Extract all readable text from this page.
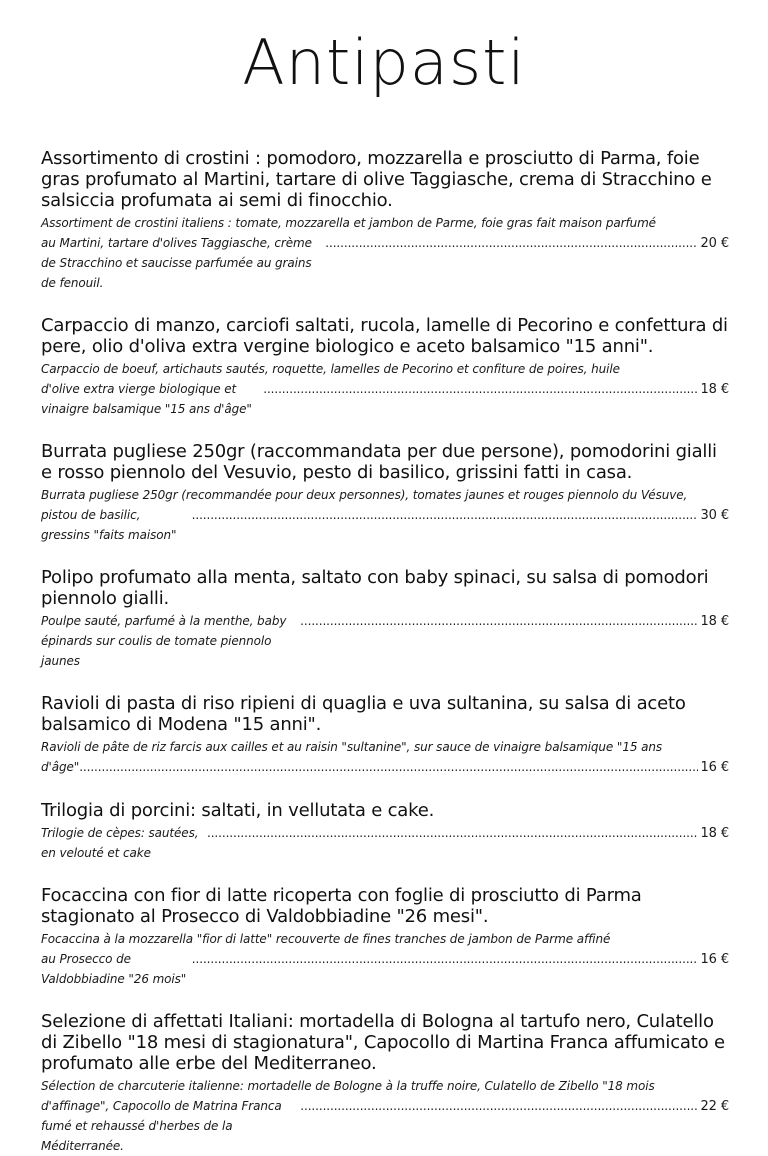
Antipasti

Assortimento di crostini : pomodoro, mozzarella e prosciutto di Parma, foie gras profumato al Martini, tartare di olive Taggiasche, crema di Stracchino e salsiccia profumata ai semi di finocchio.

Assortiment de crostini italiens : tomate, mozzarella et jambon de Parme, foie gras fait maison parfumé

au Martini, tartare d'olives Taggiasche, crème de Stracchino et saucisse parfumée au grains de fenouil.
.....
20 €

Carpaccio di manzo, carciofi saltati, rucola, lamelle di Pecorino e confettura di pere, olio d'oliva extra vergine biologico e aceto balsamico "15 anni".

Carpaccio de boeuf, artichauts sautés, roquette, lamelles de Pecorino et confiture de poires, huile

d'olive extra vierge biologique et vinaigre balsamique "15 ans d'âge"
.....
18 €

Burrata pugliese 250gr (raccommandata per due persone), pomodorini gialli e rosso piennolo del Vesuvio, pesto di basilico, grissini fatti in casa.

Burrata pugliese 250gr (recommandée pour deux personnes), tomates jaunes et rouges piennolo du Vésuve,

pistou de basilic, gressins "faits maison"
.....
30 €

Polipo profumato alla menta, saltato con baby spinaci, su salsa di pomodori piennolo gialli.

Poulpe sauté, parfumé à la menthe, baby épinards sur coulis de tomate piennolo jaunes
.....
18 €

Ravioli di pasta di riso ripieni di quaglia e uva sultanina, su salsa di aceto balsamico di Modena "15 anni".

Ravioli de pâte de riz farcis aux cailles et au raisin "sultanine", sur sauce de vinaigre balsamique "15 ans

d'âge"
.....	16 €

Trilogia di porcini: saltati, in vellutata e cake.

Trilogie de cèpes: sautées, en velouté et cake
.....
18 €

Focaccina con fior di latte ricoperta con foglie di prosciutto di Parma stagionato al Prosecco di Valdobbiadine "26 mesi".

Focaccina à la mozzarella "fior di latte" recouverte de fines tranches de jambon de Parme affiné

au Prosecco de Valdobbiadine "26 mois"
.....
16 €

Selezione di affettati Italiani: mortadella di Bologna al tartufo nero, Culatello di Zibello "18 mesi di stagionatura", Capocollo di Martina Franca affumicato e profumato alle erbe del Mediterraneo.

Sélection de charcuterie italienne: mortadelle de Bologne à la truffe noire, Culatello de Zibello "18 mois

d'affinage", Capocollo de Matrina Franca fumé et rehaussé d'herbes de la Méditerranée.
.....
22 €
